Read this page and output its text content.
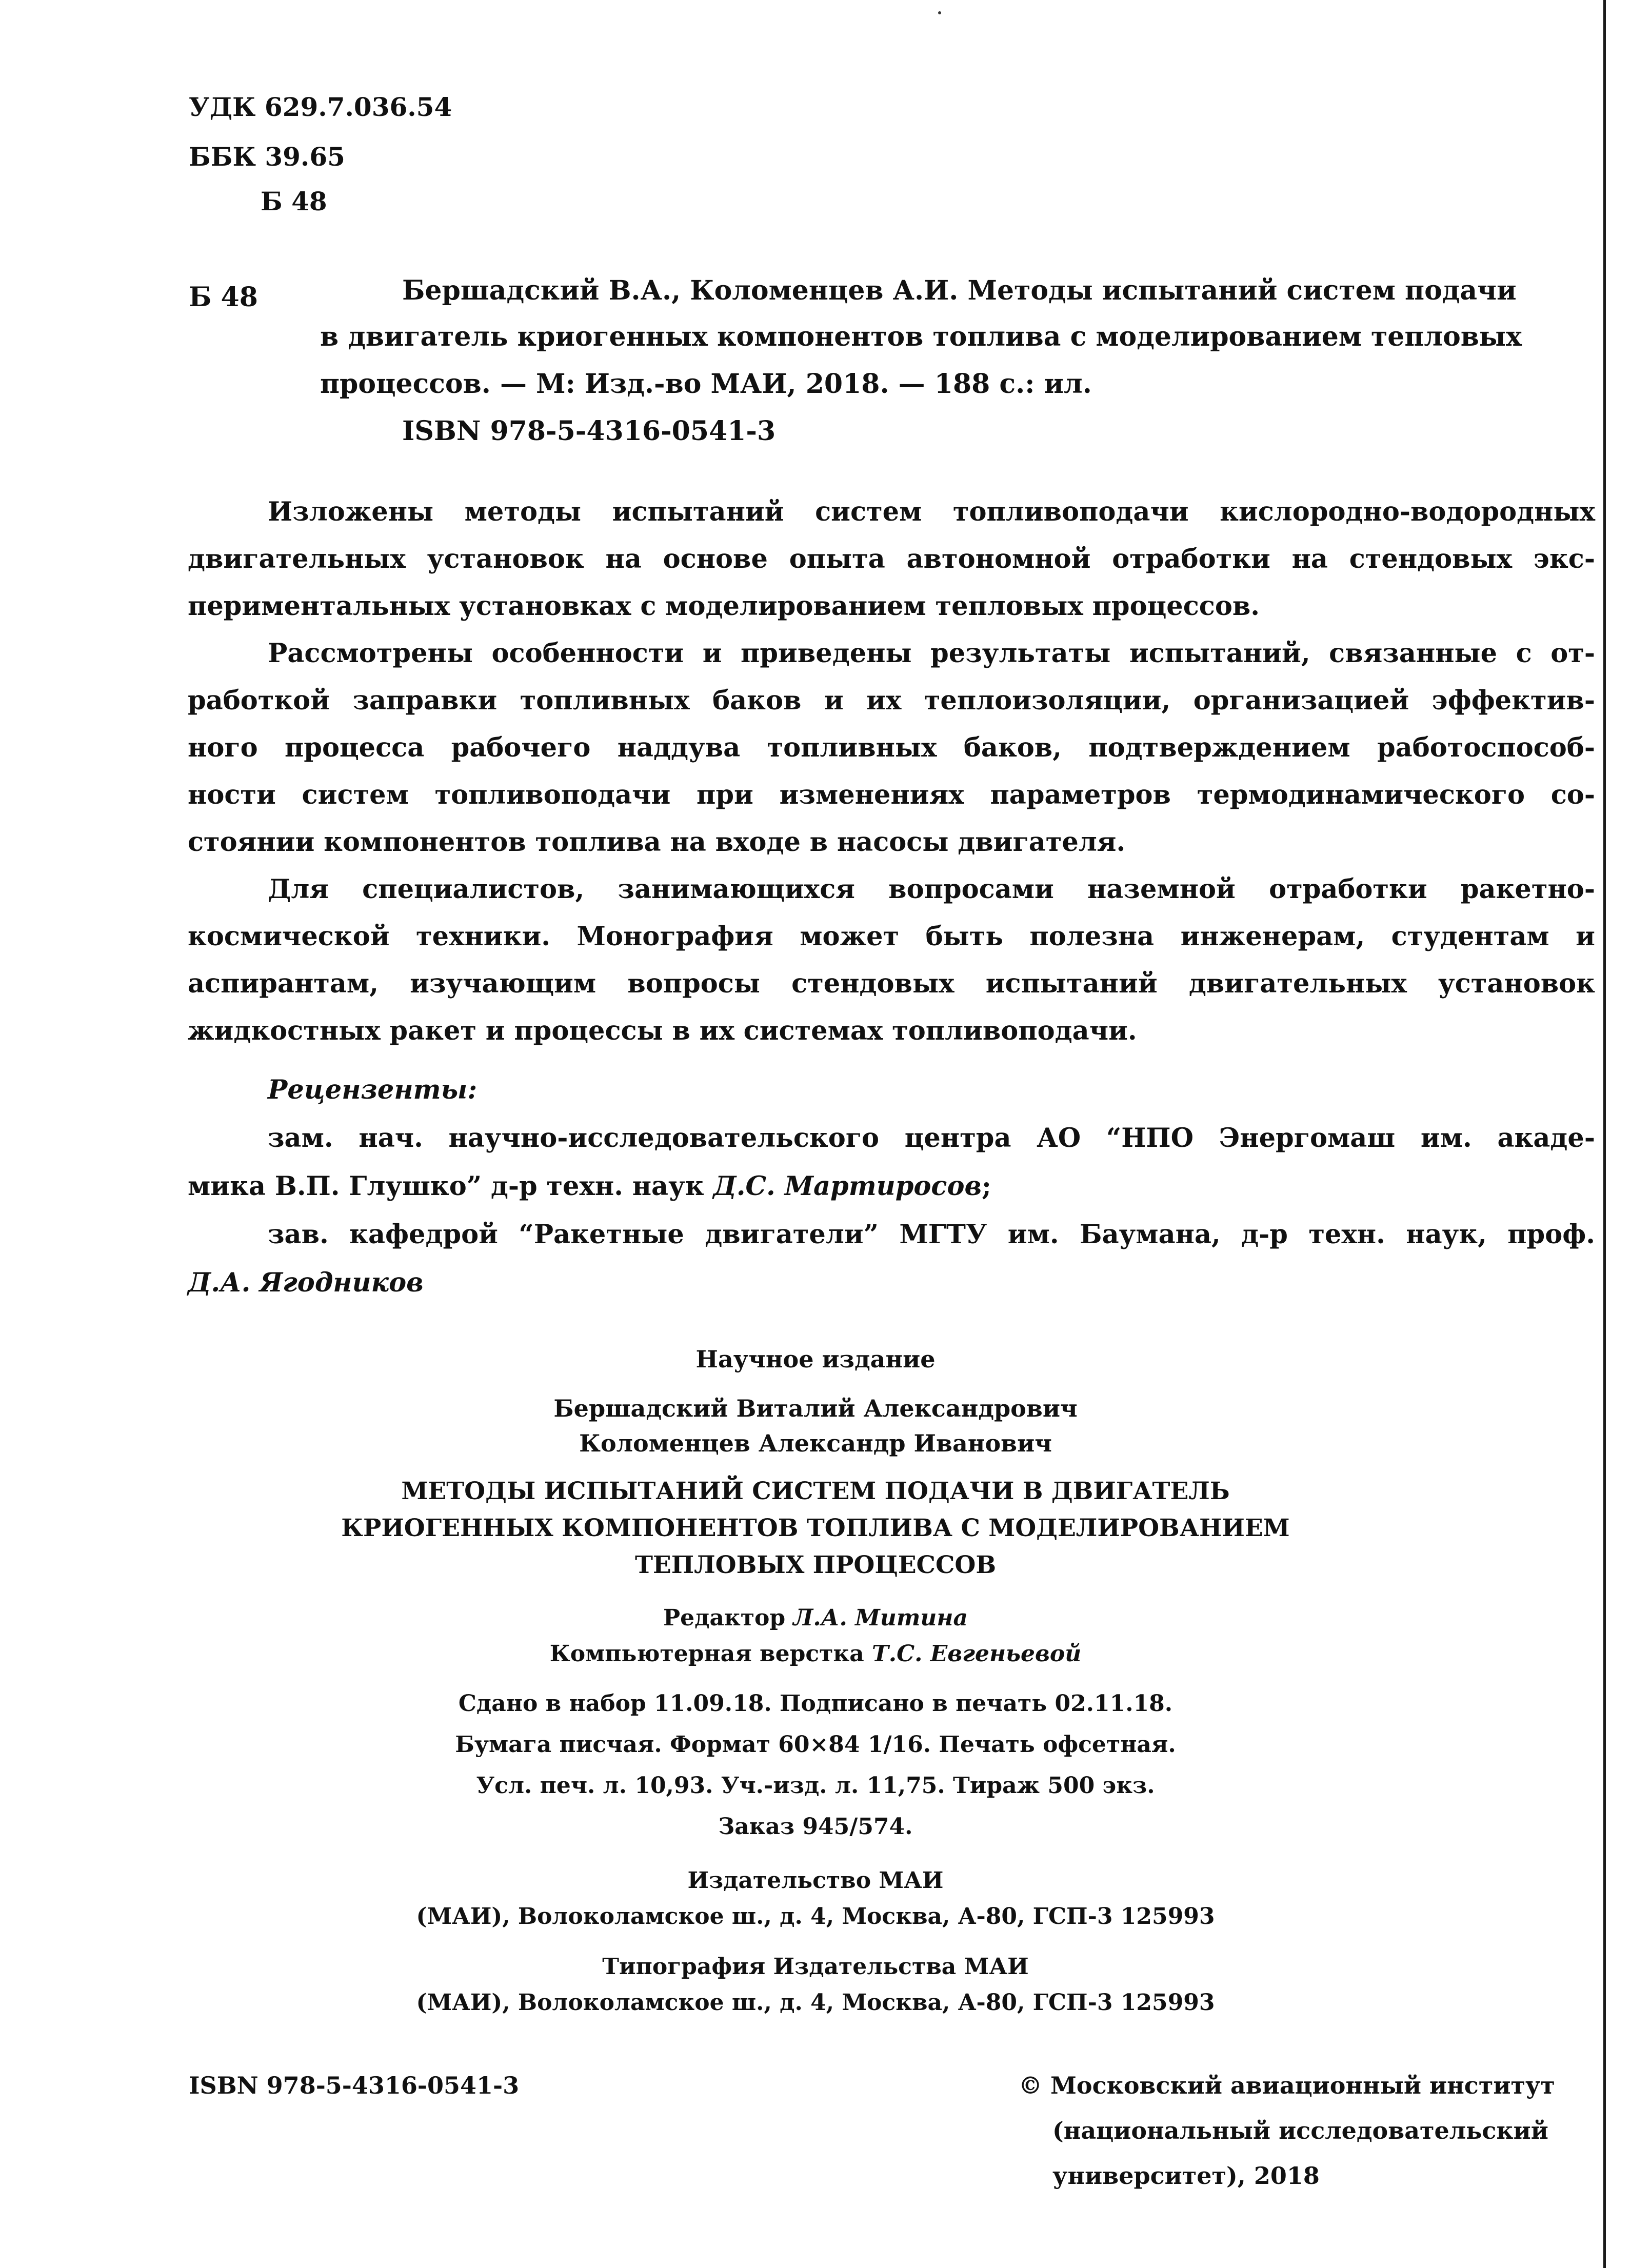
УДК 629.7.036.54
ББК 39.65
Б 48
Б 48	Бершадский В.А., Коломенцев А.И. Методы испытаний систем подачи
в двигатель криогенных компонентов топлива с моделированием тепловых
процессов. — М: Изд.-во МАИ, 2018. — 188 с.: ил.
ISBN 978-5-4316-0541-3
Изложены методы испытаний систем топливоподачи кислородно-водородных
двигательных установок на основе опыта автономной отработки на стендовых экс-
периментальных установках с моделированием тепловых процессов.
Рассмотрены особенности и приведены результаты испытаний, связанные с от-
работкой заправки топливных баков и их теплоизоляции, организацией эффектив-
ного процесса рабочего наддува топливных баков, подтверждением работоспособ-
ности систем топливоподачи при изменениях параметров термодинамического со-
стоянии компонентов топлива на входе в насосы двигателя.
Для специалистов, занимающихся вопросами наземной отработки ракетно-
космической техники. Монография может быть полезна инженерам, студентам и
аспирантам, изучающим вопросы стендовых испытаний двигательных установок
жидкостных ракет и процессы в их системах топливоподачи.
Рецензенты:
зам. нач. научно-исследовательского центра АО “НПО Энергомаш им. акаде-
мика В.П. Глушко” д-р техн. наук Д.С. Мартиросов;
зав. кафедрой “Ракетные двигатели” МГТУ им. Баумана, д-р техн. наук, проф.
Д.А. Ягодников
Научное издание
Бершадский Виталий Александрович
Коломенцев Александр Иванович
МЕТОДЫ ИСПЫТАНИЙ СИСТЕМ ПОДАЧИ В ДВИГАТЕЛЬ
КРИОГЕННЫХ КОМПОНЕНТОВ ТОПЛИВА С МОДЕЛИРОВАНИЕМ
ТЕПЛОВЫХ ПРОЦЕССОВ
Редактор Л.А. Митина
Компьютерная верстка Т.С. Евгеньевой
Сдано в набор 11.09.18. Подписано в печать 02.11.18.
Бумага писчая. Формат 60×84 1/16. Печать офсетная.
Усл. печ. л. 10,93. Уч.-изд. л. 11,75. Тираж 500 экз.
Заказ 945/574.
Издательство МАИ
(МАИ), Волоколамское ш., д. 4, Москва, А-80, ГСП-3 125993
Типография Издательства МАИ
(МАИ), Волоколамское ш., д. 4, Москва, А-80, ГСП-3 125993
ISBN 978-5-4316-0541-3	© Московский авиационный институт
(национальный исследовательский
университет), 2018
